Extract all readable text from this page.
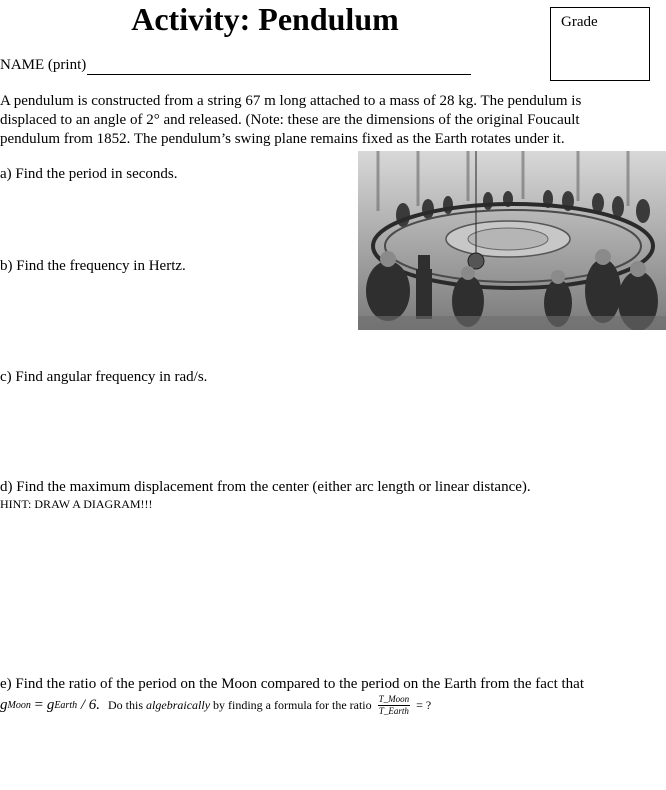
Activity: Pendulum	Grade
NAME (print)

A pendulum is constructed from a string 67 m long attached to a mass of 28 kg. The pendulum is displaced to an angle of 2° and released. (Note: these are the dimensions of the original Foucault pendulum from 1852. The pendulum’s swing plane remains fixed as the Earth rotates under it.

a) Find the period in seconds.

b) Find the frequency in Hertz.

c) Find angular frequency in rad/s.

d) Find the maximum displacement from the center (either arc length or linear distance).

HINT: DRAW A DIAGRAM!!!

e) Find the ratio of the period on the Moon compared to the period on the Earth from the fact that

g Moon = g Earth / 6. Do this algebraically by finding a formula for the ratio $\frac{\text{T\_Moon}}{\text{T\_Earth}}$ = ?
